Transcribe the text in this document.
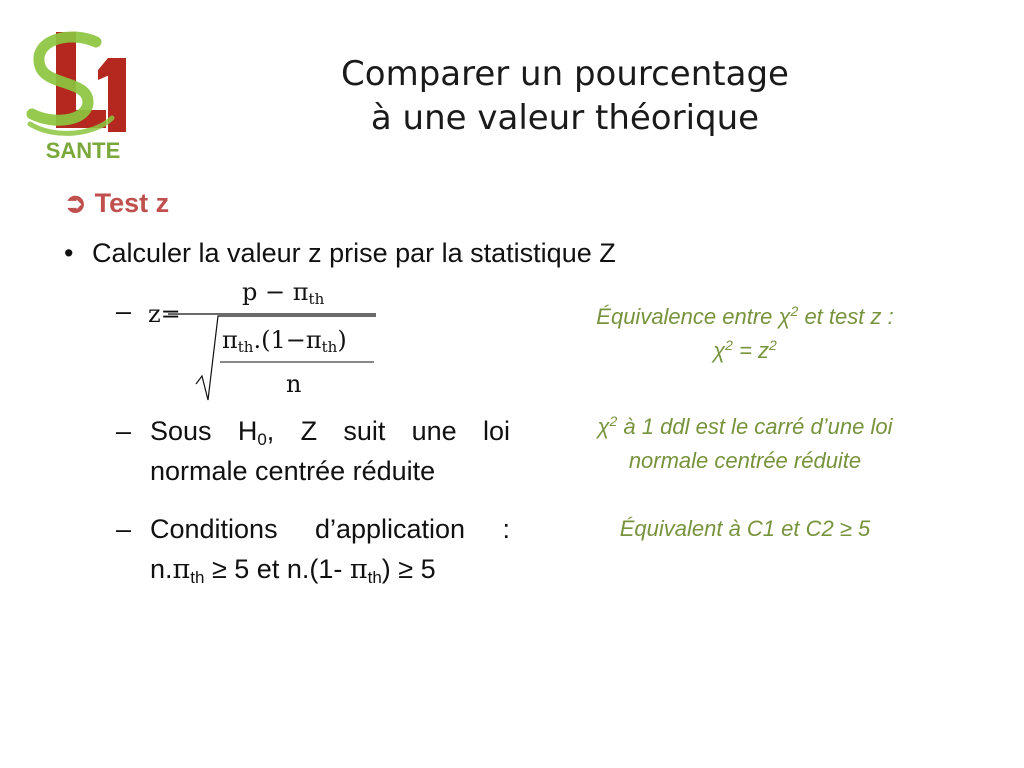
SANTE
Comparer un pourcentage
à une valeur théorique
➲ Test z
• Calculer la valeur z prise par la statistique Z
– z=
$p - \pi_{th}$
$\pi_{th}.(1-\pi_{th})$
n
– Sous $H_0$, Z suit une loi
normale centrée réduite
– Conditions d’application :
$n.\pi_{th} \ge 5$ et n.(1- $\pi_{th}) \ge 5$
Équivalence entre $\chi^2$ et test z :
$\chi^2 = z^2$
$\chi^2$ à 1 ddl est le carré d’une loi
normale centrée réduite
Équivalent à C1 et C2 ≥ 5
